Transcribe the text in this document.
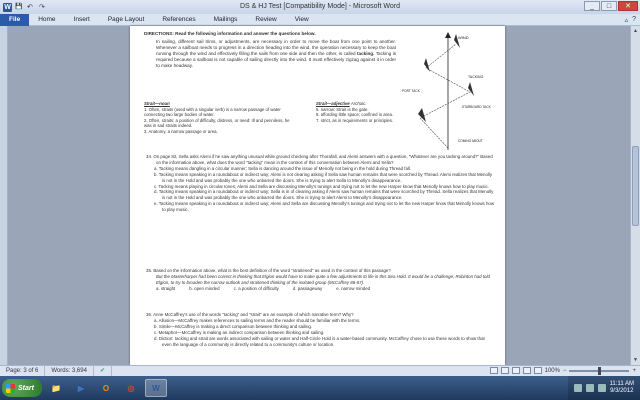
W 💾 ↶ ↷	DS & HJ Test [Compatibility Mode] - Microsoft Word	_	□	✕
File	Home	Insert	Page Layout	References	Mailings	Review	View	▵ ?
▲
▼
DIRECTIONS: Read the following information and answer the questions below.
In sailing, different sail trims, or adjustments, are necessary in order to move the boat from one point to another. Whenever a sailboat needs to progress in a direction heading into the wind, the operation necessary to keep the boat running through the wind and effectively filling the sails from one side and then the other, is called tacking. Tacking is required because a sailboat is not capable of sailing directly into the wind. It must effectively zigzag against it in order to make headway.
WIND
TACKING
STARBOARD TACK
PORT TACK
COMING ABOUT
Strait—noun
1. Often, straits (used with a singular verb) is a narrow passage of water connecting two large bodies of water.
2. Often, straits: a position of difficulty, distress, or need: Ill and penniless, he was in sad straits indeed.
3. Anatomy. a narrow passage or area.
Strait—adjective Archaic.
5. narrow: Strait is the gate.
6. affording little space; confined in area.
7. strict, as in requirements or principles.
34. On page 82, Sella asks Alemi if he saw anything unusual while ground checking after Thorafall, and Alemi answers with a question, "Whatever are you tacking around?" Based on the information above, what does the word "tacking" mean in the context of this conversation between Alemi and Sella?
a. Tacking means dangling in a circular manner; Sella is dancing around the issue of Menolly not being in the hold during Thread fall.
b. Tacking means speaking in a roundabout or indirect way; Alemi is not clearing asking if Sella saw human remains that were scorched by Thread. Alemi realizes that Menolly is not in the Hold and was probably the one who unbarred the doors. She is trying to alert Sella to Menolly's disappearance.
c. Tacking means playing in circular tones; Alemi and Sella are discussing Menolly's tunings and trying not to let the new Harper know that Menolly knows how to play music.
d. Tacking means speaking in a roundabout or indirect way; Sella is in of clearing asking if Alemi saw human remains that were scorched by Thread. Sella realizes that Menolly is not in the Hold and was probably the one who unbarred the doors. She is trying to alert Alemi to Menolly's disappearance.
e. Tacking means speaking in a roundabout or indirect way; Alemi and Sella are discussing Menolly's tunings and trying not to let the new Harper know that Menolly knows how to play music.
35. Based on the information above, what is the best definition of the word "straitened" as used in the context of this passage?
But the Masterharper had been correct in thinking that Elgion would have to make quite a few adjustments to life in this Sea Hold. It would be a challenge, Robinton had told Elgion, to try to broaden the narrow outlook and straitened thinking of the isolated group (McCaffrey 86-87).
a. straight	b. open minded	c. a position of difficulty	d. passageway	e. narrow minded
36. Anne McCaffrey's use of the words "tacking" and "strait" are an example of which narrative term? Why?
a. Allusion—McCaffrey makes references to sailing terms and the reader should be familiar with the terms.
b. Simile—McCaffrey is making a direct comparison between thinking and sailing.
c. Metaphor—McCaffrey is making an indirect comparison between thinking and sailing.
d. Diction: tacking and strait are words associated with sailing or water and Half-Circle Hold is a water-based community. McCaffrey chose to use these words to show that even the language of a community is directly related to a community's culture or location.
Page: 3 of 6	Words: 3,694	✔	100% −	+
Start	📁	▶	O	◎	W	11:11 AM
9/3/2012
